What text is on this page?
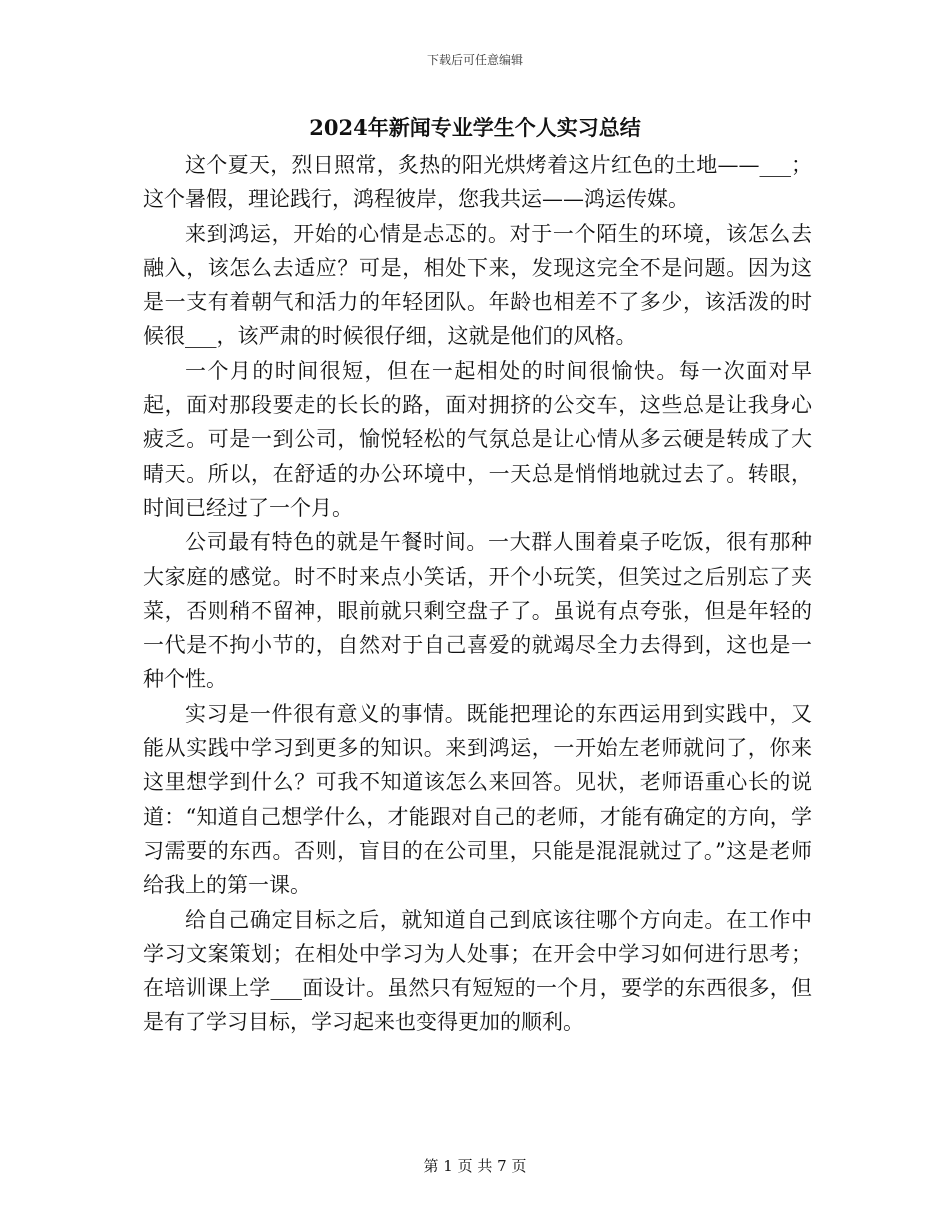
下载后可任意编辑
2024年新闻专业学生个人实习总结

这个夏天，烈日照常，炙热的阳光烘烤着这片红色的土地——___；这个暑假，理论践行，鸿程彼岸，您我共运——鸿运传媒。

来到鸿运，开始的心情是忐忑的。对于一个陌生的环境，该怎么去融入，该怎么去适应？可是，相处下来，发现这完全不是问题。因为这是一支有着朝气和活力的年轻团队。年龄也相差不了多少，该活泼的时候很___，该严肃的时候很仔细，这就是他们的风格。

一个月的时间很短，但在一起相处的时间很愉快。每一次面对早起，面对那段要走的长长的路，面对拥挤的公交车，这些总是让我身心疲乏。可是一到公司，愉悦轻松的气氛总是让心情从多云硬是转成了大晴天。所以，在舒适的办公环境中，一天总是悄悄地就过去了。转眼，时间已经过了一个月。

公司最有特色的就是午餐时间。一大群人围着桌子吃饭，很有那种大家庭的感觉。时不时来点小笑话，开个小玩笑，但笑过之后别忘了夹菜，否则稍不留神，眼前就只剩空盘子了。虽说有点夸张，但是年轻的一代是不拘小节的，自然对于自己喜爱的就竭尽全力去得到，这也是一种个性。

实习是一件很有意义的事情。既能把理论的东西运用到实践中，又能从实践中学习到更多的知识。来到鸿运，一开始左老师就问了，你来这里想学到什么？可我不知道该怎么来回答。见状，老师语重心长的说道：“知道自己想学什么，才能跟对自己的老师，才能有确定的方向，学习需要的东西。否则，盲目的在公司里，只能是混混就过了。”这是老师给我上的第一课。

给自己确定目标之后，就知道自己到底该往哪个方向走。在工作中学习文案策划；在相处中学习为人处事；在开会中学习如何进行思考；在培训课上学___面设计。虽然只有短短的一个月，要学的东西很多，但是有了学习目标，学习起来也变得更加的顺利。

第 1 页 共 7 页
